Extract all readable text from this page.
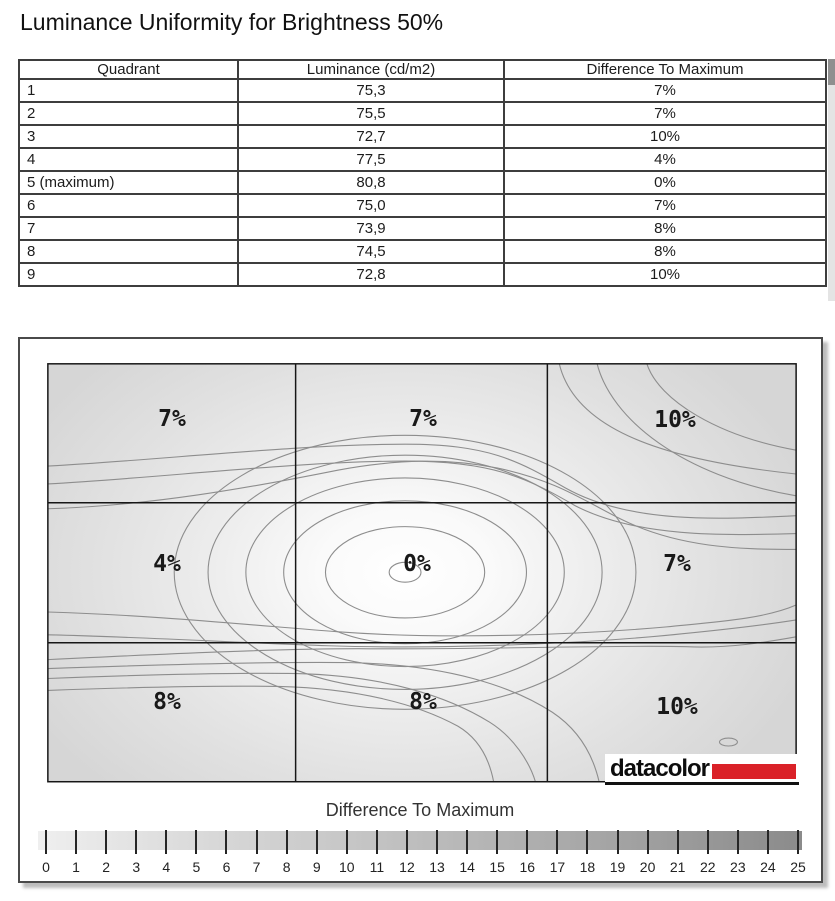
Luminance Uniformity for Brightness 50%
Quadrant	Luminance (cd/m2)	Difference To Maximum
1	75,3	7%
2	75,5	7%
3	72,7	10%
4	77,5	4%
5 (maximum)	80,8	0%
6	75,0	7%
7	73,9	8%
8	74,5	8%
9	72,8	10%
7%	7%	10%
4%	0%	7%
8%	8%	10%
datacolor
Difference To Maximum
0 1 2 3 4 5 6 7 8 9 10 11 12 13 14 15 16 17 18 19 20 21 22 23 24 25
